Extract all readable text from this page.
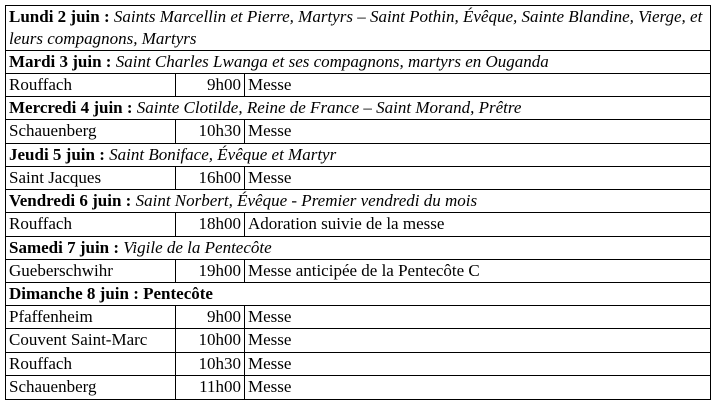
Lundi 2 juin : Saints Marcellin et Pierre, Martyrs – Saint Pothin, Évêque, Sainte Blandine, Vierge, et leurs compagnons, Martyrs		
Mardi 3 juin : Saint Charles Lwanga et ses compagnons, martyrs en Ouganda		
Rouffach	9h00	Messe
Mercredi 4 juin : Sainte Clotilde, Reine de France – Saint Morand, Prêtre		
Schauenberg	10h30	Messe
Jeudi 5 juin : Saint Boniface, Évêque et Martyr		
Saint Jacques	16h00	Messe
Vendredi 6 juin : Saint Norbert, Évêque - Premier vendredi du mois		
Rouffach	18h00	Adoration suivie de la messe
Samedi 7 juin : Vigile de la Pentecôte		
Gueberschwihr	19h00	Messe anticipée de la Pentecôte C
Dimanche 8 juin : Pentecôte		
Pfaffenheim	9h00	Messe
Couvent Saint-Marc	10h00	Messe
Rouffach	10h30	Messe
Schauenberg	11h00	Messe
